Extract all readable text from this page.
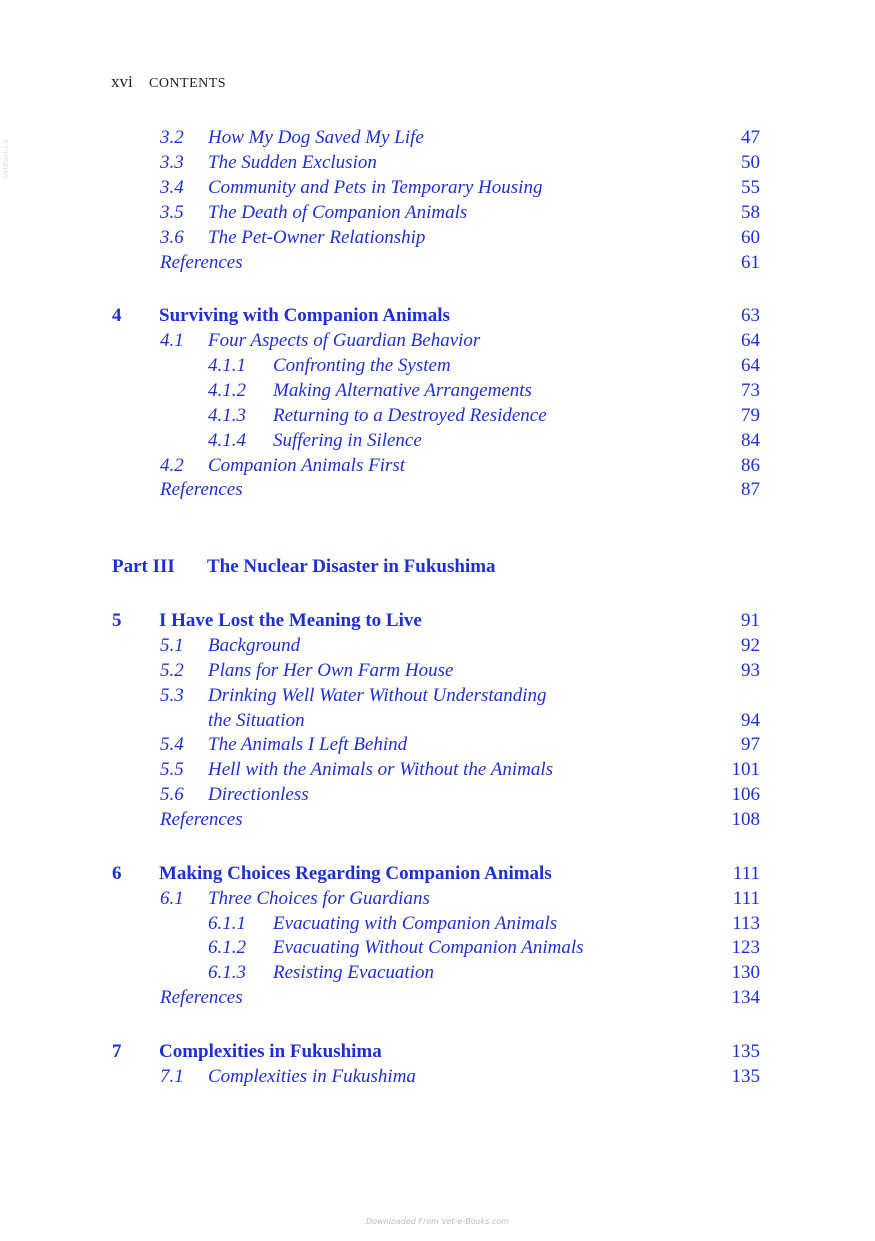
xvi CONTENTS
VetBooks.ir
3.2 How My Dog Saved My Life	47
3.3 The Sudden Exclusion	50
3.4 Community and Pets in Temporary Housing	55
3.5 The Death of Companion Animals	58
3.6 The Pet-Owner Relationship	60
References	61
4 Surviving with Companion Animals	63
4.1 Four Aspects of Guardian Behavior	64
4.1.1 Confronting the System	64
4.1.2 Making Alternative Arrangements	73
4.1.3 Returning to a Destroyed Residence	79
4.1.4 Suffering in Silence	84
4.2 Companion Animals First	86
References	87
Part III The Nuclear Disaster in Fukushima
5 I Have Lost the Meaning to Live	91
5.1 Background	92
5.2 Plans for Her Own Farm House	93
5.3 Drinking Well Water Without Understanding
the Situation	94
5.4 The Animals I Left Behind	97
5.5 Hell with the Animals or Without the Animals	101
5.6 Directionless	106
References	108
6 Making Choices Regarding Companion Animals	111
6.1 Three Choices for Guardians	111
6.1.1 Evacuating with Companion Animals	113
6.1.2 Evacuating Without Companion Animals	123
6.1.3 Resisting Evacuation	130
References	134
7 Complexities in Fukushima	135
7.1 Complexities in Fukushima	135
Downloaded From Vet-e-Books.com
